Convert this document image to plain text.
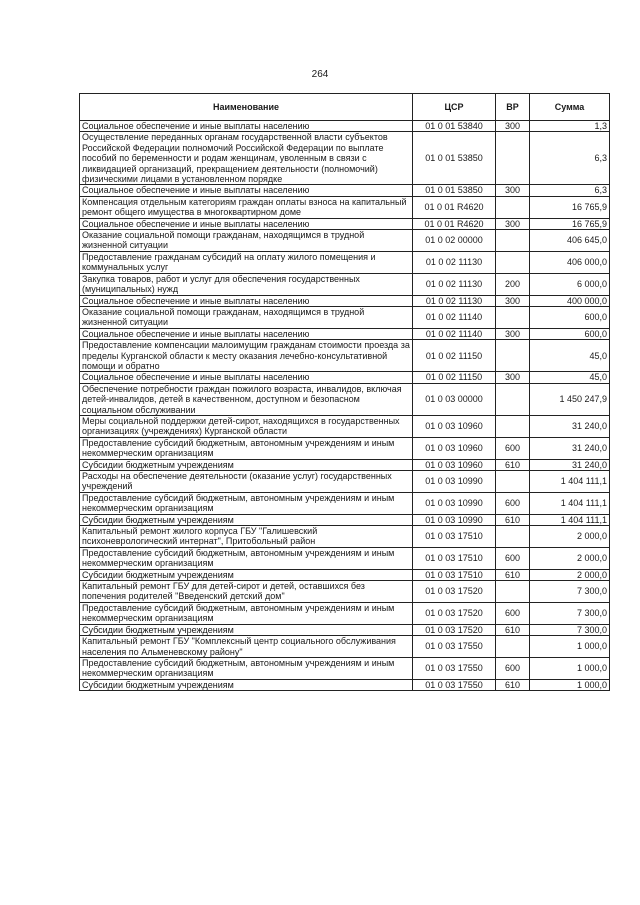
264
Наименование	ЦСР	ВР	Сумма
Социальное обеспечение и иные выплаты населению	01 0 01 53840	300	1,3
Осуществление переданных органам государственной власти субъектов Российской Федерации полномочий Российской Федерации по выплате пособий по беременности и родам женщинам, уволенным в связи с ликвидацией организаций, прекращением деятельности (полномочий) физическими лицами в установленном порядке	01 0 01 53850		6,3
Социальное обеспечение и иные выплаты населению	01 0 01 53850	300	6,3
Компенсация отдельным категориям граждан оплаты взноса на капитальный ремонт общего имущества в многоквартирном доме	01 0 01 R4620		16 765,9
Социальное обеспечение и иные выплаты населению	01 0 01 R4620	300	16 765,9
Оказание социальной помощи гражданам, находящимся в трудной жизненной ситуации	01 0 02 00000		406 645,0
Предоставление гражданам субсидий на оплату жилого помещения и коммунальных услуг	01 0 02 11130		406 000,0
Закупка товаров, работ и услуг для обеспечения государственных (муниципальных) нужд	01 0 02 11130	200	6 000,0
Социальное обеспечение и иные выплаты населению	01 0 02 11130	300	400 000,0
Оказание социальной помощи гражданам, находящимся в трудной жизненной ситуации	01 0 02 11140		600,0
Социальное обеспечение и иные выплаты населению	01 0 02 11140	300	600,0
Предоставление компенсации малоимущим гражданам стоимости проезда за пределы Курганской области к месту оказания лечебно-консультативной помощи и обратно	01 0 02 11150		45,0
Социальное обеспечение и иные выплаты населению	01 0 02 11150	300	45,0
Обеспечение потребности граждан пожилого возраста, инвалидов, включая детей-инвалидов, детей в качественном, доступном и безопасном социальном обслуживании	01 0 03 00000		1 450 247,9
Меры социальной поддержки детей-сирот, находящихся в государственных организациях (учреждениях) Курганской области	01 0 03 10960		31 240,0
Предоставление субсидий бюджетным, автономным учреждениям и иным некоммерческим организациям	01 0 03 10960	600	31 240,0
Субсидии бюджетным учреждениям	01 0 03 10960	610	31 240,0
Расходы на обеспечение деятельности (оказание услуг) государственных учреждений	01 0 03 10990		1 404 111,1
Предоставление субсидий бюджетным, автономным учреждениям и иным некоммерческим организациям	01 0 03 10990	600	1 404 111,1
Субсидии бюджетным учреждениям	01 0 03 10990	610	1 404 111,1
Капитальный ремонт жилого корпуса ГБУ "Галишевский психоневрологический интернат", Притобольный район	01 0 03 17510		2 000,0
Предоставление субсидий бюджетным, автономным учреждениям и иным некоммерческим организациям	01 0 03 17510	600	2 000,0
Субсидии бюджетным учреждениям	01 0 03 17510	610	2 000,0
Капитальный ремонт ГБУ для детей-сирот и детей, оставшихся без попечения родителей "Введенский детский дом"	01 0 03 17520		7 300,0
Предоставление субсидий бюджетным, автономным учреждениям и иным некоммерческим организациям	01 0 03 17520	600	7 300,0
Субсидии бюджетным учреждениям	01 0 03 17520	610	7 300,0
Капитальный ремонт ГБУ "Комплексный центр социального обслуживания населения по Альменевскому району"	01 0 03 17550		1 000,0
Предоставление субсидий бюджетным, автономным учреждениям и иным некоммерческим организациям	01 0 03 17550	600	1 000,0
Субсидии бюджетным учреждениям	01 0 03 17550	610	1 000,0
